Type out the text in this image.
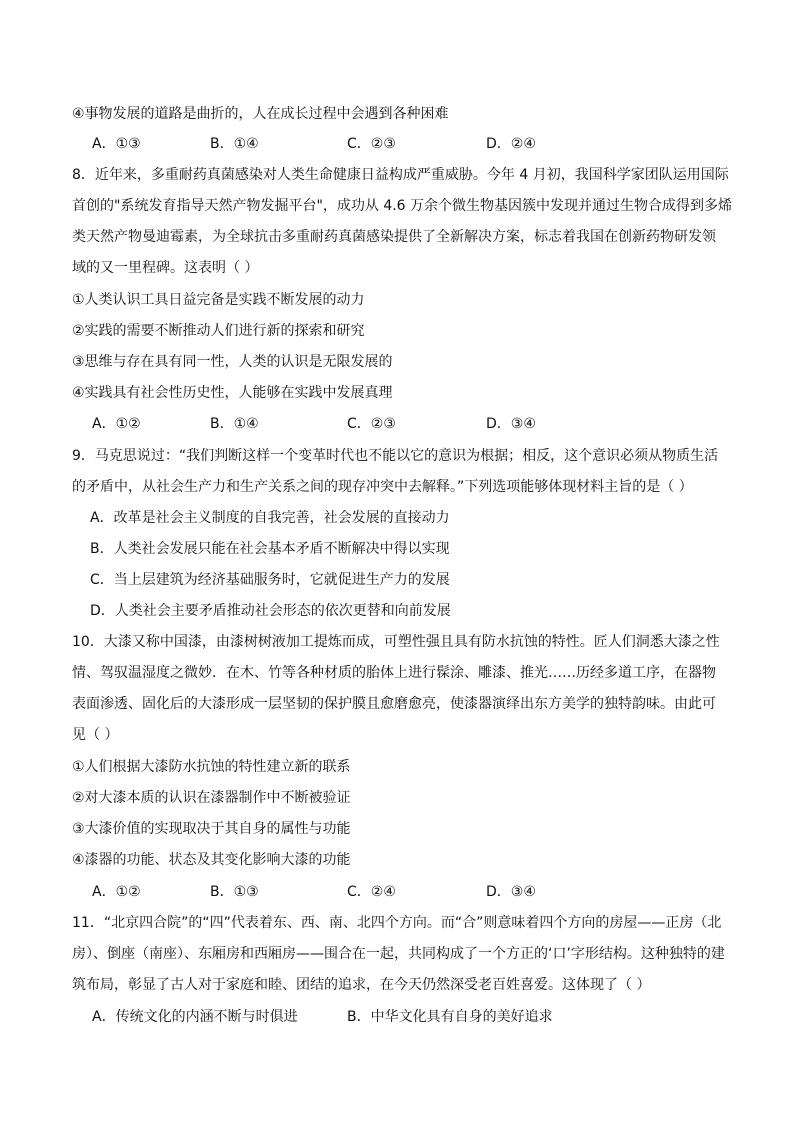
④事物发展的道路是曲折的，人在成长过程中会遇到各种困难
A．①③	B．①④	C．②③	D．②④
8．近年来，多重耐药真菌感染对人类生命健康日益构成严重威胁。今年 4 月初，我国科学家团队运用国际
首创的"系统发育指导天然产物发掘平台"，成功从 4.6 万余个微生物基因簇中发现并通过生物合成得到多烯
类天然产物曼迪霉素，为全球抗击多重耐药真菌感染提供了全新解决方案，标志着我国在创新药物研发领
域的又一里程碑。这表明（ ）
①人类认识工具日益完备是实践不断发展的动力
②实践的需要不断推动人们进行新的探索和研究
③思维与存在具有同一性，人类的认识是无限发展的
④实践具有社会性历史性，人能够在实践中发展真理
A．①②	B．①④	C．②③	D．③④
9．马克思说过：“我们判断这样一个变革时代也不能以它的意识为根据；相反，这个意识必须从物质生活
的矛盾中，从社会生产力和生产关系之间的现存冲突中去解释。”下列选项能够体现材料主旨的是（ ）
A．改革是社会主义制度的自我完善，社会发展的直接动力
B．人类社会发展只能在社会基本矛盾不断解决中得以实现
C．当上层建筑为经济基础服务时，它就促进生产力的发展
D．人类社会主要矛盾推动社会形态的依次更替和向前发展
10．大漆又称中国漆，由漆树树液加工提炼而成，可塑性强且具有防水抗蚀的特性。匠人们洞悉大漆之性
情、驾驭温湿度之微妙．在木、竹等各种材质的胎体上进行髹涂、雕漆、推光……历经多道工序，在器物
表面渗透、固化后的大漆形成一层坚韧的保护膜且愈磨愈亮，使漆器演绎出东方美学的独特韵味。由此可
见（ ）
①人们根据大漆防水抗蚀的特性建立新的联系
②对大漆本质的认识在漆器制作中不断被验证
③大漆价值的实现取决于其自身的属性与功能
④漆器的功能、状态及其变化影响大漆的功能
A．①②	B．①③	C．②④	D．③④
11．“北京四合院”的“四”代表着东、西、南、北四个方向。而“合”则意味着四个方向的房屋——正房（北
房）、倒座（南座）、东厢房和西厢房——围合在一起，共同构成了一个方正的‘口’字形结构。这种独特的建
筑布局，彰显了古人对于家庭和睦、团结的追求，在今天仍然深受老百姓喜爱。这体现了（ ）
A．传统文化的内涵不断与时俱进	B．中华文化具有自身的美好追求
